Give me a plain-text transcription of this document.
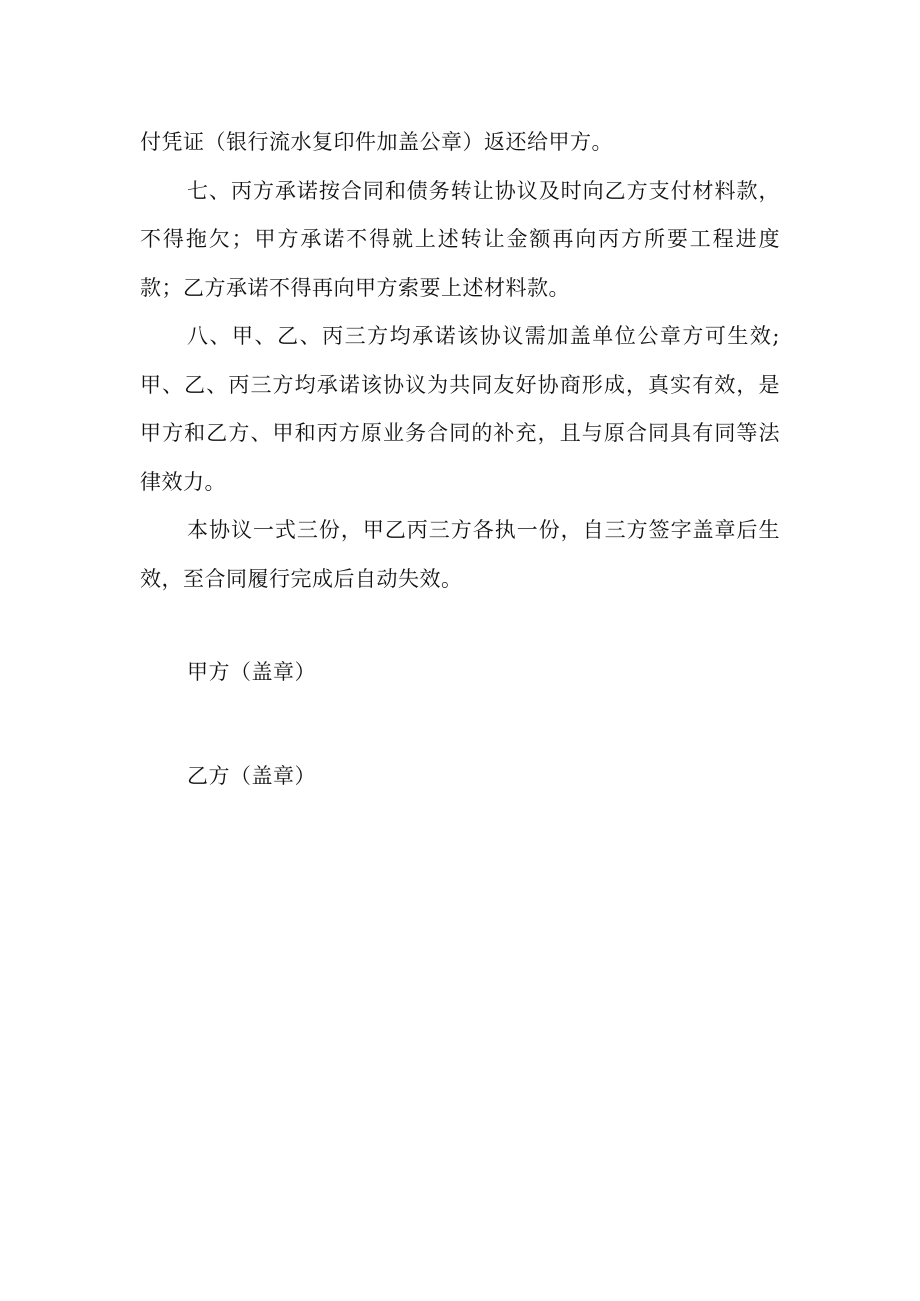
付凭证（银行流水复印件加盖公章）返还给甲方。

七、丙方承诺按合同和债务转让协议及时向乙方支付材料款，不得拖欠；甲方承诺不得就上述转让金额再向丙方所要工程进度款；乙方承诺不得再向甲方索要上述材料款。

八、甲、乙、丙三方均承诺该协议需加盖单位公章方可生效;甲、乙、丙三方均承诺该协议为共同友好协商形成，真实有效，是甲方和乙方、甲和丙方原业务合同的补充，且与原合同具有同等法律效力。

本协议一式三份，甲乙丙三方各执一份，自三方签字盖章后生效，至合同履行完成后自动失效。

甲方（盖章）
乙方（盖章）
